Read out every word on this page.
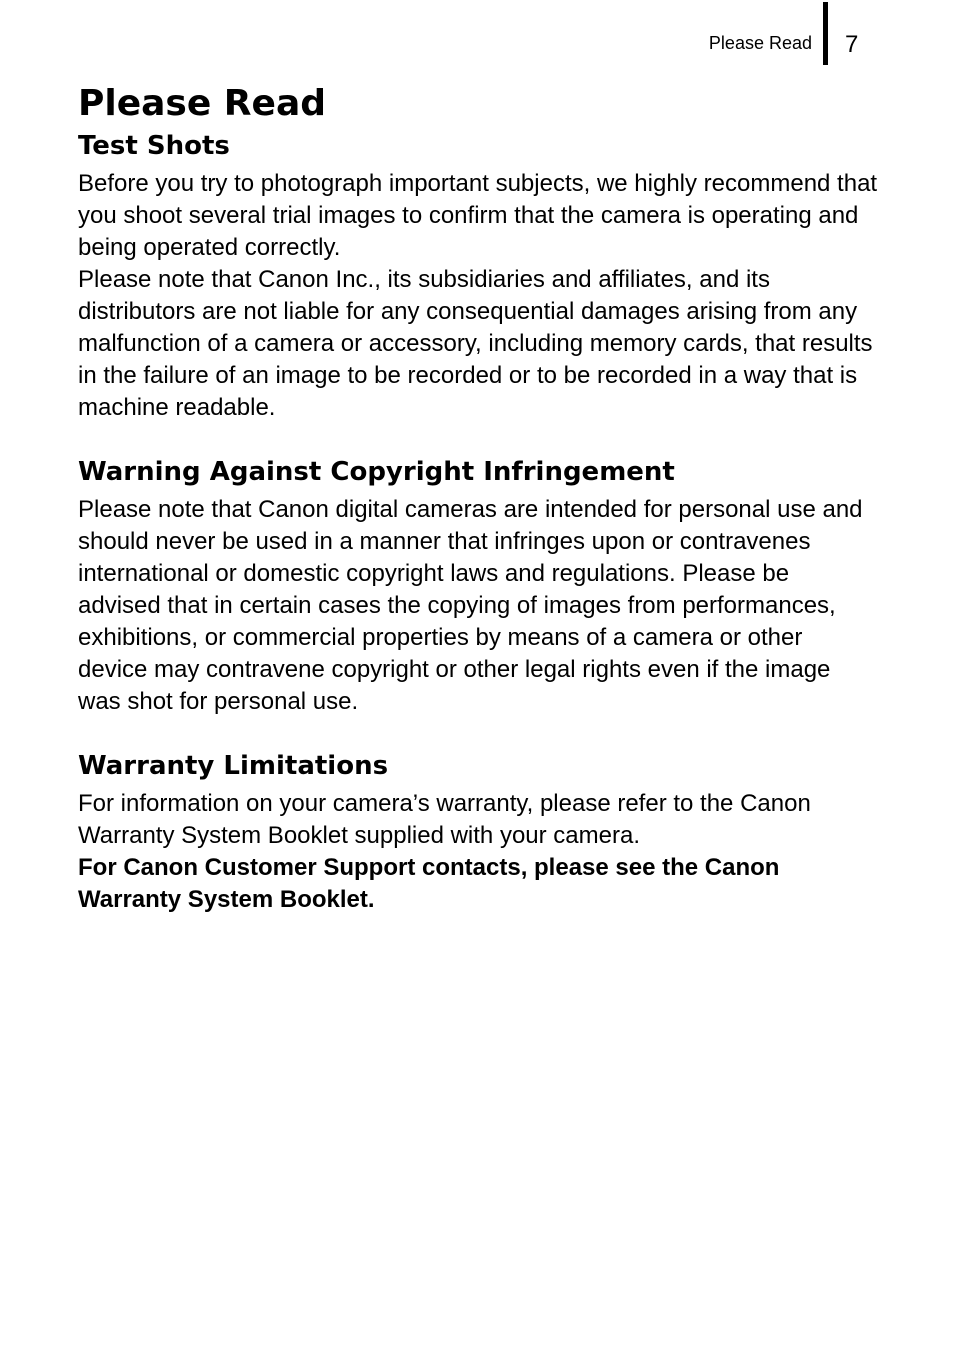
Please Read 7
Please Read
Test Shots

Before you try to photograph important subjects, we highly recommend that you shoot several trial images to confirm that the camera is operating and being operated correctly.

Please note that Canon Inc., its subsidiaries and affiliates, and its distributors are not liable for any consequential damages arising from any malfunction of a camera or accessory, including memory cards, that results in the failure of an image to be recorded or to be recorded in a way that is machine readable.

Warning Against Copyright Infringement

Please note that Canon digital cameras are intended for personal use and should never be used in a manner that infringes upon or contravenes international or domestic copyright laws and regulations. Please be advised that in certain cases the copying of images from performances, exhibitions, or commercial properties by means of a camera or other device may contravene copyright or other legal rights even if the image was shot for personal use.

Warranty Limitations

For information on your camera’s warranty, please refer to the Canon Warranty System Booklet supplied with your camera.

For Canon Customer Support contacts, please see the Canon Warranty System Booklet.
